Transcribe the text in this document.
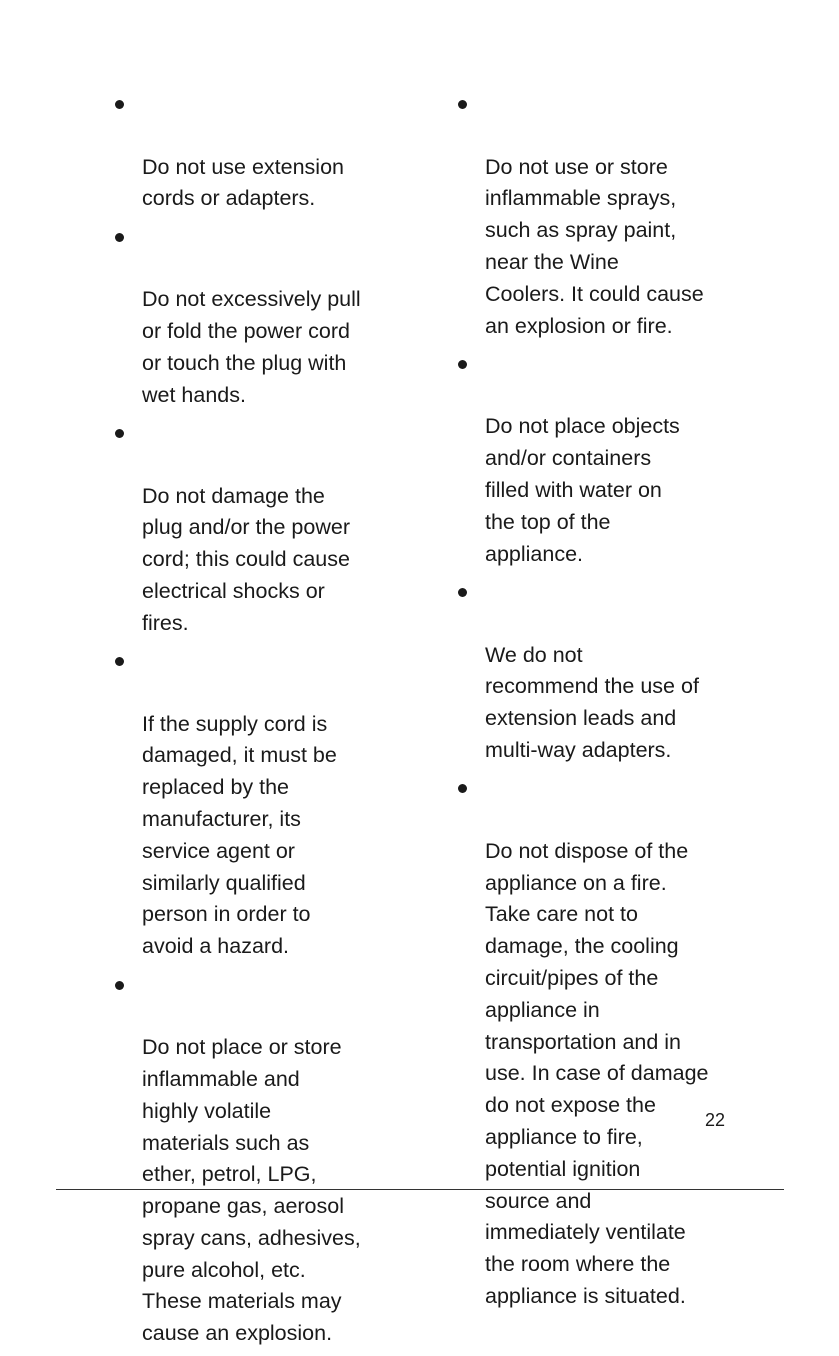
Do not use extension
cords or adapters.

Do not excessively pull
or fold the power cord
or touch the plug with
wet hands.

Do not damage the
plug and/or the power
cord; this could cause
electrical shocks or
fires.

If the supply cord is
damaged, it must be
replaced by the
manufacturer, its
service agent or
similarly qualified
person in order to
avoid a hazard.

Do not place or store
inflammable and
highly volatile
materials such as
ether, petrol, LPG,
propane gas, aerosol
spray cans, adhesives,
pure alcohol, etc.
These materials may
cause an explosion.

Do not use or store
inflammable sprays,
such as spray paint,
near the Wine
Coolers. It could cause
an explosion or fire.

Do not place objects
and/or containers
filled with water on
the top of the
appliance.

We do not
recommend the use of
extension leads and
multi-way adapters.

Do not dispose of the
appliance on a fire.
Take care not to
damage, the cooling
circuit/pipes of the
appliance in
transportation and in
use. In case of damage
do not expose the
appliance to fire,
potential ignition
source and
immediately ventilate
the room where the
appliance is situated.

22
